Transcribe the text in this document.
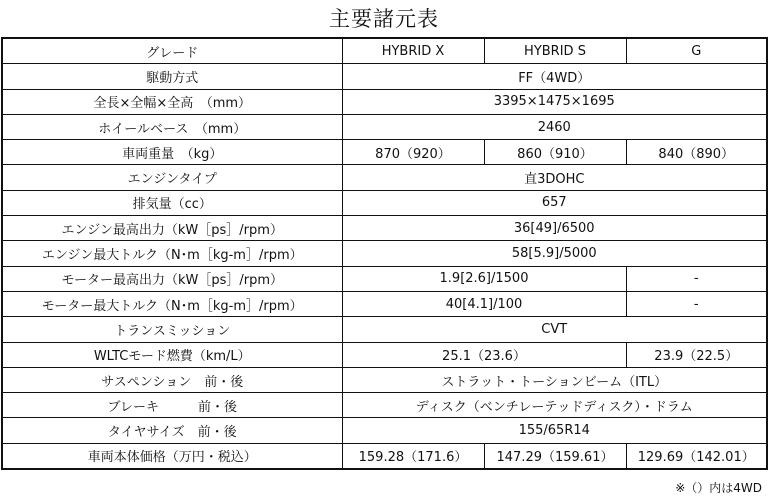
主要諸元表
グレード	HYBRID X	HYBRID S	G
駆動方式	FF（4WD）		
全長×全幅×全高　（mm）	3395×1475×1695		
ホイールベース　（mm）	2460		
車両重量　（kg）	870（920）	860（910）	840（890）
エンジンタイプ	直3DOHC		
排気量（cc）	657		
エンジン最高出力（kW［ps］/rpm）	36[49]/6500		
エンジン最大トルク（N･m［kg-m］/rpm）	58[5.9]/5000		
モーター最高出力（kW［ps］/rpm）	1.9[2.6]/1500		-
モーター最大トルク（N･m［kg-m］/rpm）	40[4.1]/100		-
トランスミッション	CVT		
WLTCモード燃費（km/L）	25.1（23.6）		23.9（22.5）
サスペンション　前・後	ストラット・トーションビーム（ITL）		
ブレーキ　　　前・後	ディスク（ベンチレーテッドディスク）・ドラム		
タイヤサイズ　前・後	155/65R14		
車両本体価格（万円・税込）	159.28（171.6）	147.29（159.61）	129.69（142.01）
※（）内は4WD
